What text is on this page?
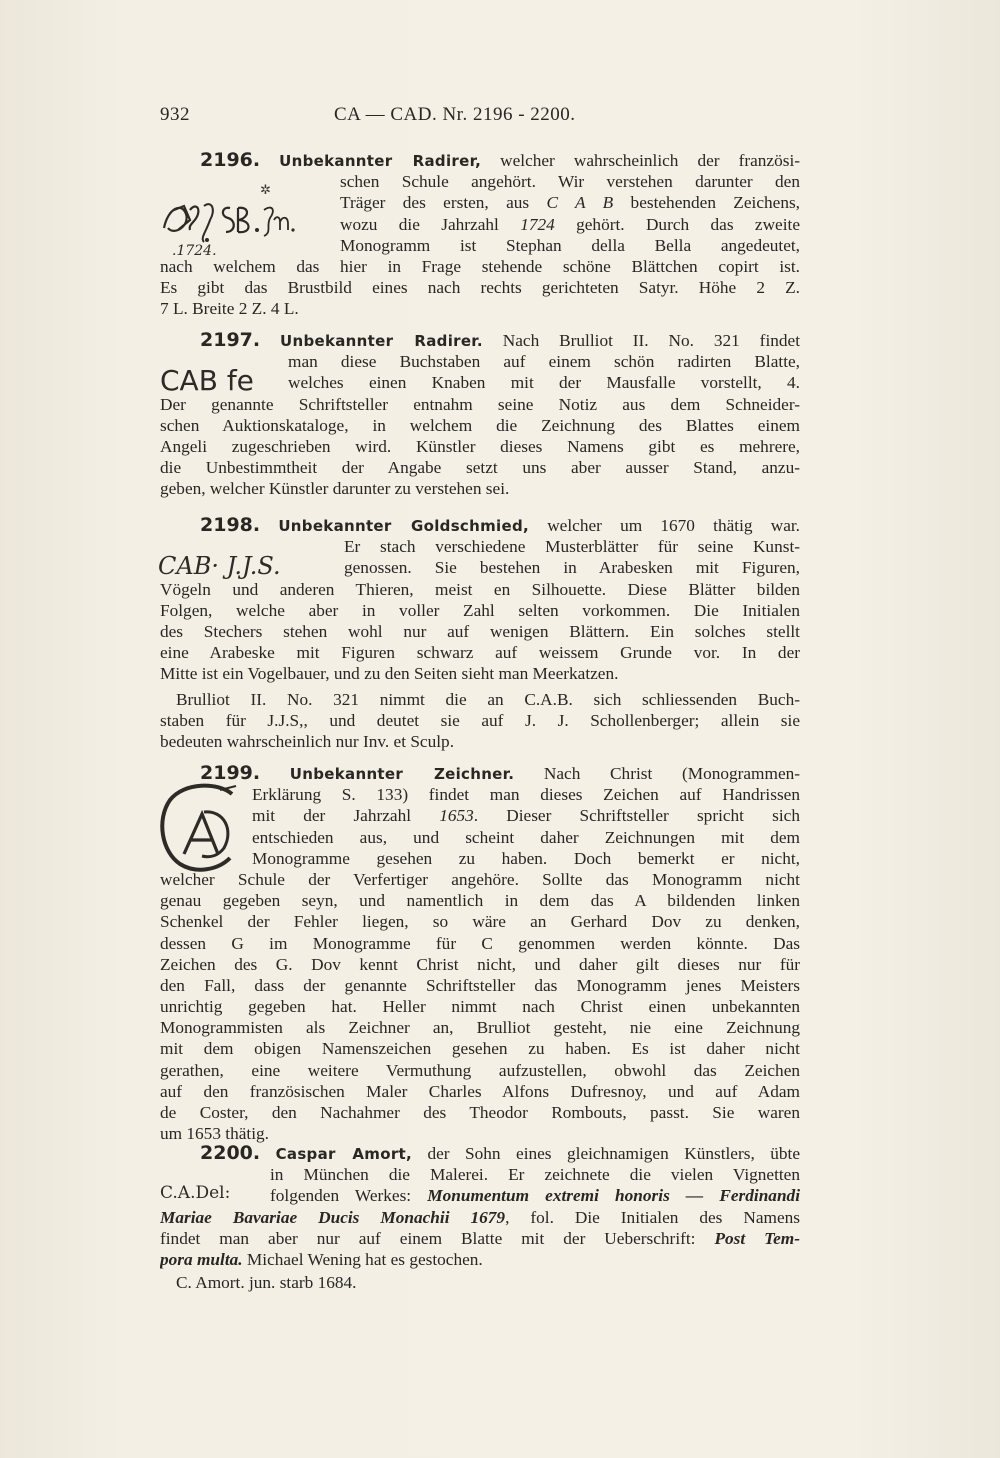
932	CA — CAD. Nr. 2196 - 2200.
✲
.1724.
2196. Unbekannter Radirer, welcher wahrscheinlich der französi-
schen Schule angehört. Wir verstehen darunter den
Träger des ersten, aus C A B bestehenden Zeichens,
wozu die Jahrzahl 1724 gehört. Durch das zweite
Monogramm ist Stephan della Bella angedeutet,
nach welchem das hier in Frage stehende schöne Blättchen copirt ist.
Es gibt das Brustbild eines nach rechts gerichteten Satyr. Höhe 2 Z.
7 L. Breite 2 Z. 4 L.
CAB fe
2197. Unbekannter Radirer. Nach Brulliot II. No. 321 findet
man diese Buchstaben auf einem schön radirten Blatte,
welches einen Knaben mit der Mausfalle vorstellt, 4.
Der genannte Schriftsteller entnahm seine Notiz aus dem Schneider-
schen Auktionskataloge, in welchem die Zeichnung des Blattes einem
Angeli zugeschrieben wird. Künstler dieses Namens gibt es mehrere,
die Unbestimmtheit der Angabe setzt uns aber ausser Stand, anzu-
geben, welcher Künstler darunter zu verstehen sei.
CAB· J.J.S.
2198. Unbekannter Goldschmied, welcher um 1670 thätig war.
Er stach verschiedene Musterblätter für seine Kunst-
genossen. Sie bestehen in Arabesken mit Figuren,
Vögeln und anderen Thieren, meist en Silhouette. Diese Blätter bilden
Folgen, welche aber in voller Zahl selten vorkommen. Die Initialen
des Stechers stehen wohl nur auf wenigen Blättern. Ein solches stellt
eine Arabeske mit Figuren schwarz auf weissem Grunde vor. In der
Mitte ist ein Vogelbauer, und zu den Seiten sieht man Meerkatzen.
Brulliot II. No. 321 nimmt die an C.A.B. sich schliessenden Buch-
staben für J.J.S,, und deutet sie auf J. J. Schollenberger; allein sie
bedeuten wahrscheinlich nur Inv. et Sculp.
2199. Unbekannter Zeichner. Nach Christ (Monogrammen-
Erklärung S. 133) findet man dieses Zeichen auf Handrissen
mit der Jahrzahl 1653. Dieser Schriftsteller spricht sich
entschieden aus, und scheint daher Zeichnungen mit dem
Monogramme gesehen zu haben. Doch bemerkt er nicht,
welcher Schule der Verfertiger angehöre. Sollte das Monogramm nicht
genau gegeben seyn, und namentlich in dem das A bildenden linken
Schenkel der Fehler liegen, so wäre an Gerhard Dov zu denken,
dessen G im Monogramme für C genommen werden könnte. Das
Zeichen des G. Dov kennt Christ nicht, und daher gilt dieses nur für
den Fall, dass der genannte Schriftsteller das Monogramm jenes Meisters
unrichtig gegeben hat. Heller nimmt nach Christ einen unbekannten
Monogrammisten als Zeichner an, Brulliot gesteht, nie eine Zeichnung
mit dem obigen Namenszeichen gesehen zu haben. Es ist daher nicht
gerathen, eine weitere Vermuthung aufzustellen, obwohl das Zeichen
auf den französischen Maler Charles Alfons Dufresnoy, und auf Adam
de Coster, den Nachahmer des Theodor Rombouts, passt. Sie waren
um 1653 thätig.
C.A.Del:
2200. Caspar Amort, der Sohn eines gleichnamigen Künstlers, übte
in München die Malerei. Er zeichnete die vielen Vignetten
folgenden Werkes: Monumentum extremi honoris — Ferdinandi
Mariae Bavariae Ducis Monachii 1679, fol. Die Initialen des Namens
findet man aber nur auf einem Blatte mit der Ueberschrift: Post Tem-
pora multa. Michael Wening hat es gestochen.
C. Amort. jun. starb 1684.
